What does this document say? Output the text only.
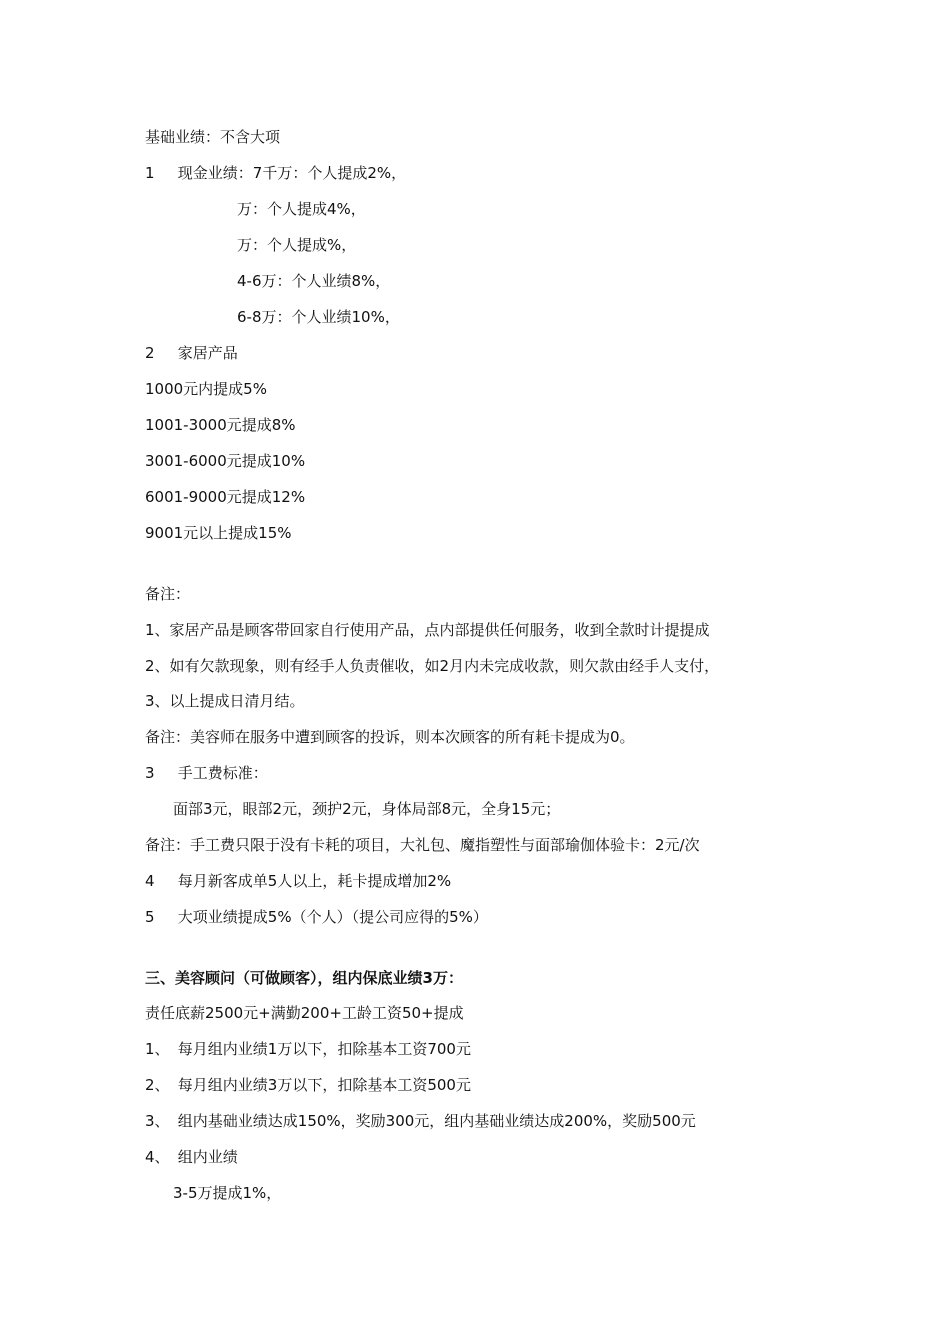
基础业绩：不含大项
1 现金业绩：7千万：个人提成2%，
万：个人提成4%，
万：个人提成%，
4-6万：个人业绩8%，
6-8万：个人业绩10%，
2 家居产品
1000元内提成5%
1001-3000元提成8%
3001-6000元提成10%
6001-9000元提成12%
9001元以上提成15%
备注：
1、家居产品是顾客带回家自行使用产品，点内部提供任何服务，收到全款时计提提成
2、如有欠款现象，则有经手人负责催收，如2月内未完成收款，则欠款由经手人支付，
3、以上提成日清月结。
备注：美容师在服务中遭到顾客的投诉，则本次顾客的所有耗卡提成为0。
3 手工费标准：
面部3元，眼部2元，颈护2元，身体局部8元，全身15元；
备注：手工费只限于没有卡耗的项目，大礼包、魔指塑性与面部瑜伽体验卡：2元/次
4 每月新客成单5人以上，耗卡提成增加2%
5 大项业绩提成5%（个人）（提公司应得的5%）
三、美容顾问（可做顾客），组内保底业绩3万：
责任底薪2500元+满勤200+工龄工资50+提成
1、 每月组内业绩1万以下，扣除基本工资700元
2、 每月组内业绩3万以下，扣除基本工资500元
3、 组内基础业绩达成150%，奖励300元，组内基础业绩达成200%，奖励500元
4、 组内业绩
3-5万提成1%，
